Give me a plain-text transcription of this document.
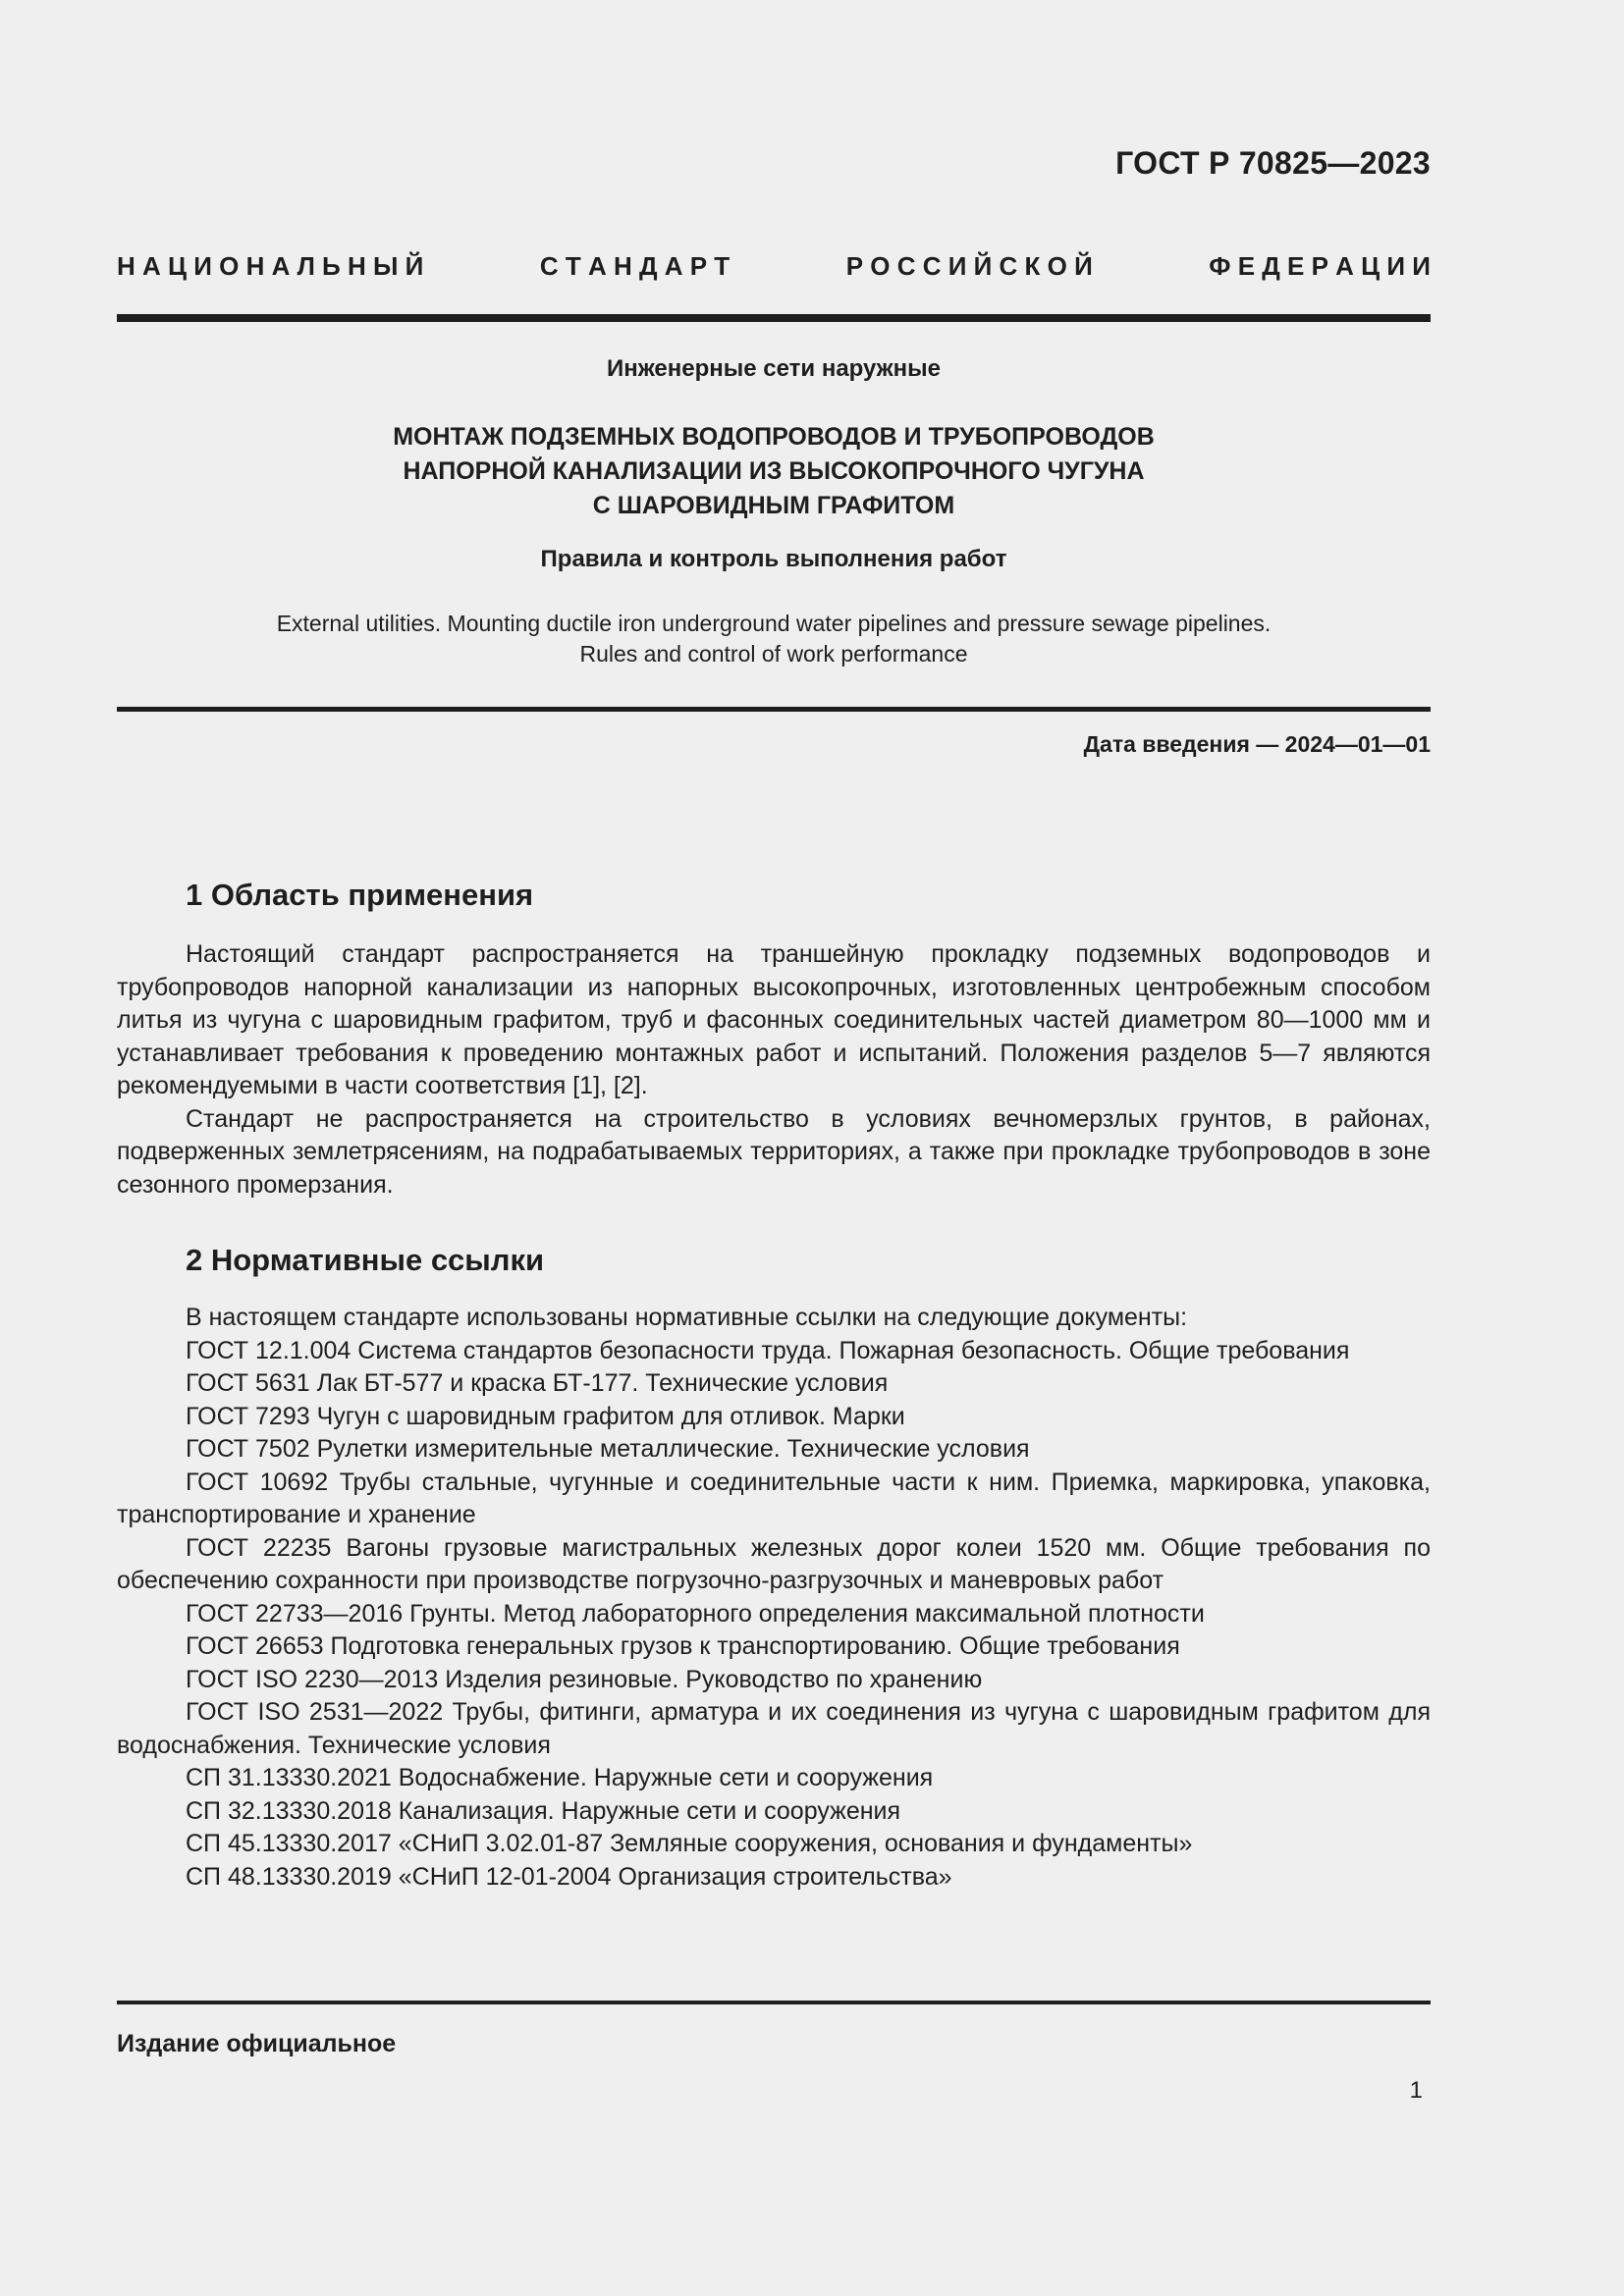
ГОСТ Р 70825—2023
Н А Ц И О Н А Л Ь Н Ы Й	С Т А Н Д А Р Т	Р О С С И Й С К О Й	Ф Е Д Е Р А Ц И И
Инженерные сети наружные
МОНТАЖ ПОДЗЕМНЫХ ВОДОПРОВОДОВ И ТРУБОПРОВОДОВ
НАПОРНОЙ КАНАЛИЗАЦИИ ИЗ ВЫСОКОПРОЧНОГО ЧУГУНА
С ШАРОВИДНЫМ ГРАФИТОМ
Правила и контроль выполнения работ
External utilities. Mounting ductile iron underground water pipelines and pressure sewage pipelines.
Rules and control of work performance
Дата введения — 2024—01—01
1 Область применения

Настоящий стандарт распространяется на траншейную прокладку подземных водопроводов и трубопроводов напорной канализации из напорных высокопрочных, изготовленных центробежным способом литья из чугуна с шаровидным графитом, труб и фасонных соединительных частей диаметром 80—1000 мм и устанавливает требования к проведению монтажных работ и испытаний. Положения разделов 5—7 являются рекомендуемыми в части соответствия [1], [2].

Стандарт не распространяется на строительство в условиях вечномерзлых грунтов, в районах, подверженных землетрясениям, на подрабатываемых территориях, а также при прокладке трубопроводов в зоне сезонного промерзания.

2 Нормативные ссылки

В настоящем стандарте использованы нормативные ссылки на следующие документы:

ГОСТ 12.1.004 Система стандартов безопасности труда. Пожарная безопасность. Общие требования

ГОСТ 5631 Лак БТ-577 и краска БТ-177. Технические условия

ГОСТ 7293 Чугун с шаровидным графитом для отливок. Марки

ГОСТ 7502 Рулетки измерительные металлические. Технические условия

ГОСТ 10692 Трубы стальные, чугунные и соединительные части к ним. Приемка, маркировка, упаковка, транспортирование и хранение

ГОСТ 22235 Вагоны грузовые магистральных железных дорог колеи 1520 мм. Общие требования по обеспечению сохранности при производстве погрузочно-разгрузочных и маневровых работ

ГОСТ 22733—2016 Грунты. Метод лабораторного определения максимальной плотности

ГОСТ 26653 Подготовка генеральных грузов к транспортированию. Общие требования

ГОСТ ISO 2230—2013 Изделия резиновые. Руководство по хранению

ГОСТ ISO 2531—2022 Трубы, фитинги, арматура и их соединения из чугуна с шаровидным графитом для водоснабжения. Технические условия

СП 31.13330.2021 Водоснабжение. Наружные сети и сооружения

СП 32.13330.2018 Канализация. Наружные сети и сооружения

СП 45.13330.2017 «СНиП 3.02.01-87 Земляные сооружения, основания и фундаменты»

СП 48.13330.2019 «СНиП 12-01-2004 Организация строительства»

Издание официальное
1
